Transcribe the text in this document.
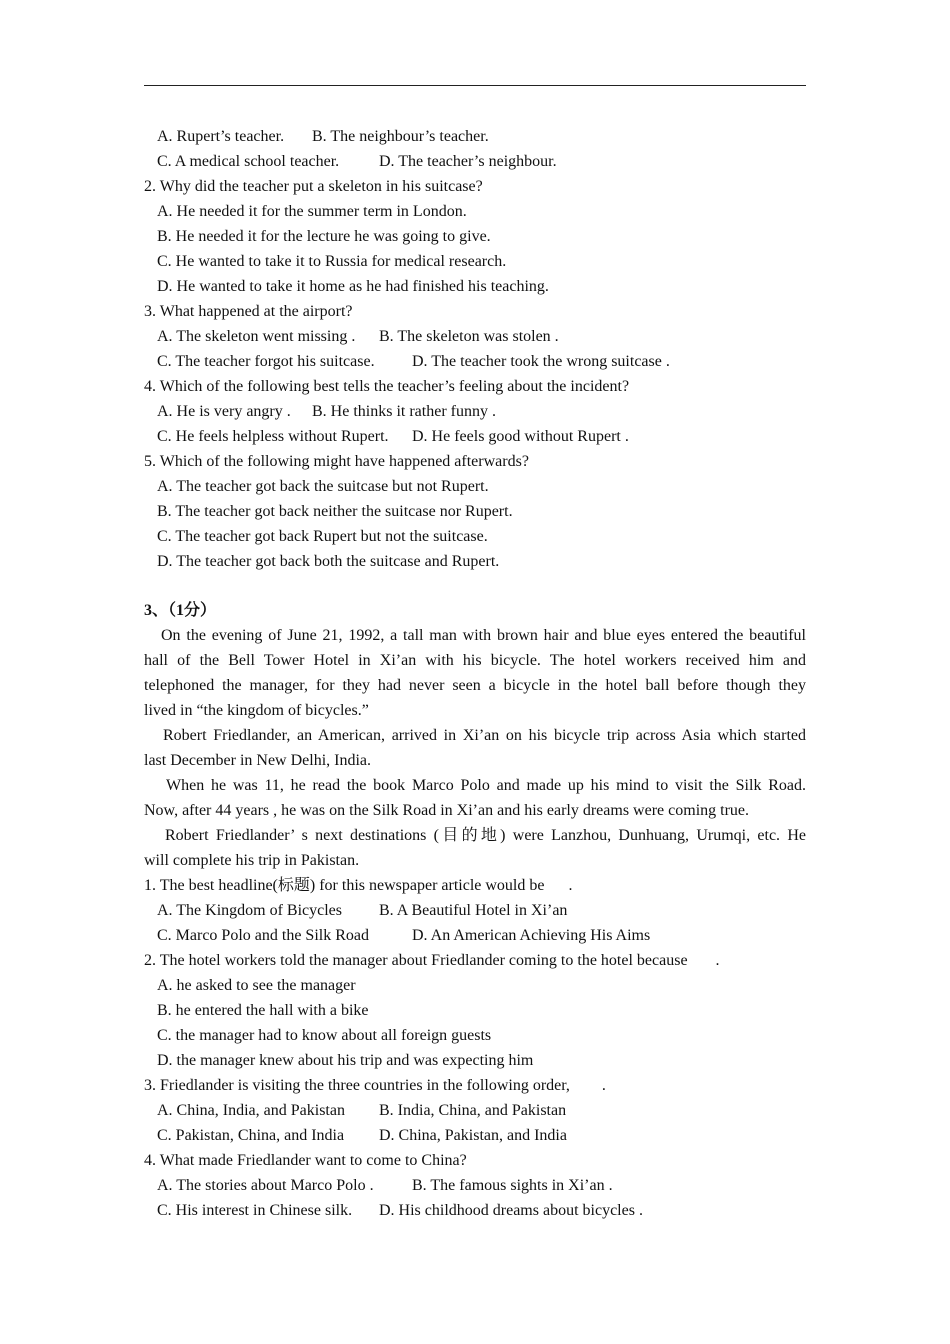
A. Rupert’s teacher. B. The neighbour’s teacher.
C. A medical school teacher. D. The teacher’s neighbour.
2. Why did the teacher put a skeleton in his suitcase?
A. He needed it for the summer term in London.
B. He needed it for the lecture he was going to give.
C. He wanted to take it to Russia for medical research.
D. He wanted to take it home as he had finished his teaching.
3. What happened at the airport?
A. The skeleton went missing . B. The skeleton was stolen .
C. The teacher forgot his suitcase. D. The teacher took the wrong suitcase .
4. Which of the following best tells the teacher’s feeling about the incident?
A. He is very angry . B. He thinks it rather funny .
C. He feels helpless without Rupert. D. He feels good without Rupert .
5. Which of the following might have happened afterwards?
A. The teacher got back the suitcase but not Rupert.
B. The teacher got back neither the suitcase nor Rupert.
C. The teacher got back Rupert but not the suitcase.
D. The teacher got back both the suitcase and Rupert.
3、（1分）
On the evening of June 21, 1992, a tall man with brown hair and blue eyes entered the beautiful
hall of the Bell Tower Hotel in Xi’an with his bicycle. The hotel workers received him and
telephoned the manager, for they had never seen a bicycle in the hotel ball before though they
lived in “the kingdom of bicycles.”
Robert Friedlander, an American, arrived in Xi’an on his bicycle trip across Asia which started
last December in New Delhi, India.
When he was 11, he read the book Marco Polo and made up his mind to visit the Silk Road.
Now, after 44 years , he was on the Silk Road in Xi’an and his early dreams were coming true.
Robert Friedlander’ s next destinations (目的地) were Lanzhou, Dunhuang, Urumqi, etc. He
will complete his trip in Pakistan.
1. The best headline(标题) for this newspaper article would be      .
A. The Kingdom of Bicycles B. A Beautiful Hotel in Xi’an
C. Marco Polo and the Silk Road	D. An American Achieving His Aims
2. The hotel workers told the manager about Friedlander coming to the hotel because       .
A. he asked to see the manager
B. he entered the hall with a bike
C. the manager had to know about all foreign guests
D. the manager knew about his trip and was expecting him
3. Friedlander is visiting the three countries in the following order,        .
A. China, India, and Pakistan B. India, China, and Pakistan
C. Pakistan, China, and India D. China, Pakistan, and India
4. What made Friedlander want to come to China?
A. The stories about Marco Polo . B. The famous sights in Xi’an .
C. His interest in Chinese silk. D. His childhood dreams about bicycles .
